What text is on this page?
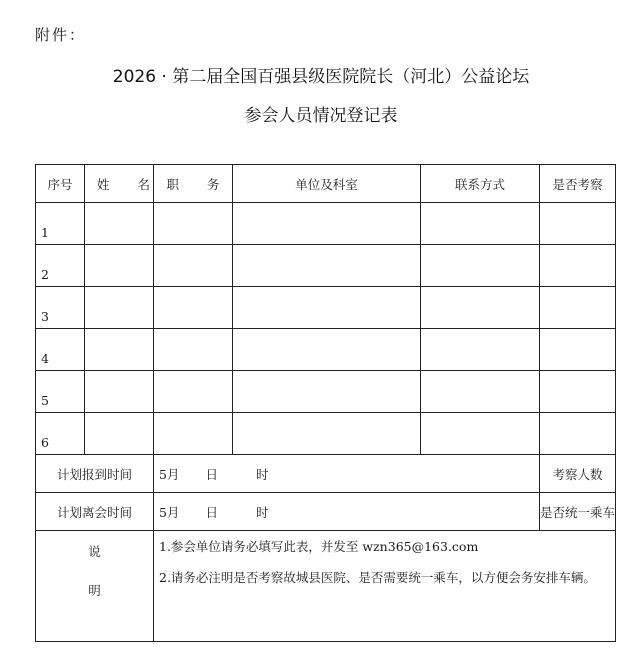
附件：
2026 · 第二届全国百强县级医院院长（河北）公益论坛
参会人员情况登记表
序号	姓 名	职 务	单位及科室	联系方式	是否考察	
1						
2						
3						
4						
5						
6						
计划报到时间		5月 日 时			考察人数	
计划离会时间		5月 日 时			是否统一乘车	

说
明		1.参会单位请务必填写此表，并发至 wzn365@163.com
2.请务必注明是否考察故城县医院、是否需要统一乘车，以方便会务安排车辆。				
